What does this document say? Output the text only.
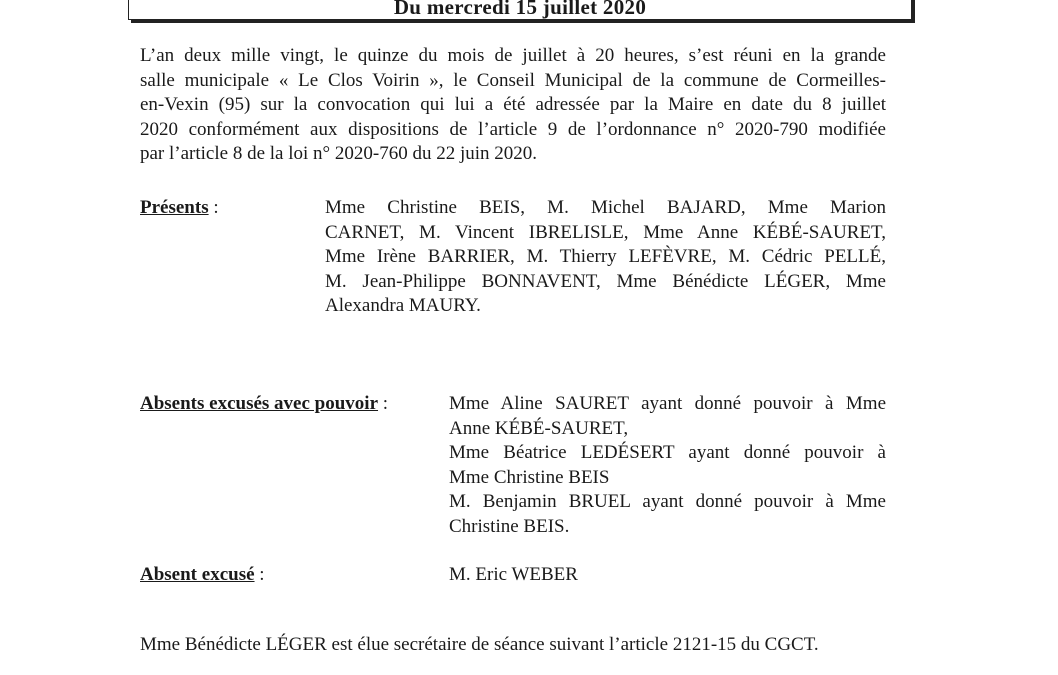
Du mercredi 15 juillet 2020
L’an deux mille vingt, le quinze du mois de juillet à 20 heures, s’est réuni en la grande
salle municipale « Le Clos Voirin », le Conseil Municipal de la commune de Cormeilles-
en-Vexin (95) sur la convocation qui lui a été adressée par la Maire en date du 8 juillet
2020 conformément aux dispositions de l’article 9 de l’ordonnance n° 2020-790 modifiée
par l’article 8 de la loi n° 2020-760 du 22 juin 2020.
Présents :	Mme Christine BEIS, M. Michel BAJARD, Mme Marion
CARNET, M. Vincent IBRELISLE, Mme Anne KÉBÉ-SAURET,
Mme Irène BARRIER, M. Thierry LEFÈVRE, M. Cédric PELLÉ,
M. Jean-Philippe BONNAVENT, Mme Bénédicte LÉGER, Mme
Alexandra MAURY.
Absents excusés avec pouvoir :	Mme Aline SAURET ayant donné pouvoir à Mme
Anne KÉBÉ-SAURET,
Mme Béatrice LEDÉSERT ayant donné pouvoir à
Mme Christine BEIS
M. Benjamin BRUEL ayant donné pouvoir à Mme
Christine BEIS.
Absent excusé :	M. Eric WEBER
Mme Bénédicte LÉGER est élue secrétaire de séance suivant l’article 2121-15 du CGCT.
